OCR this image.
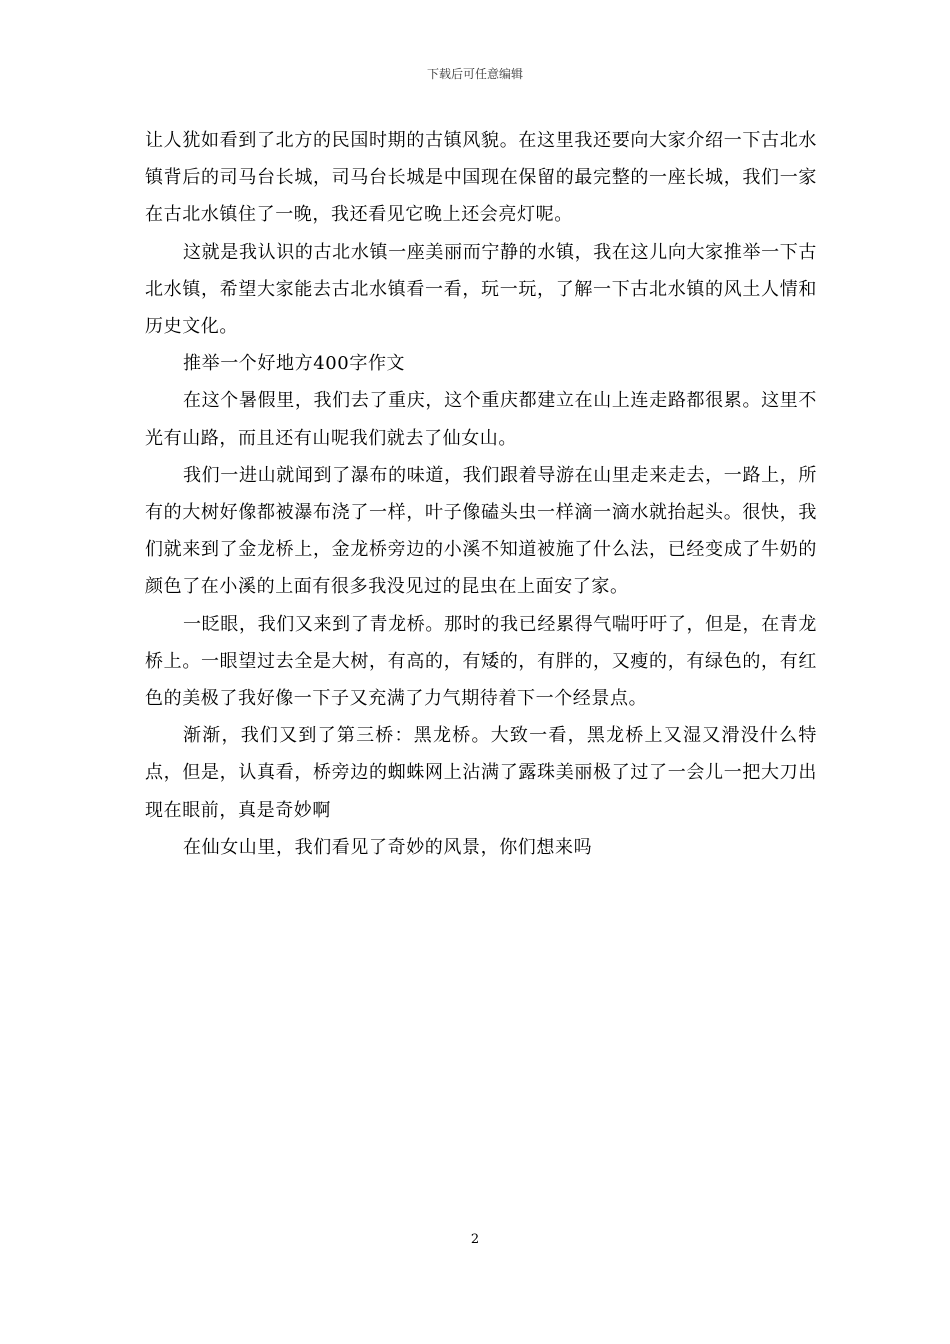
下载后可任意编辑

让人犹如看到了北方的民国时期的古镇风貌。在这里我还要向大家介绍一下古北水镇背后的司马台长城，司马台长城是中国现在保留的最完整的一座长城，我们一家在古北水镇住了一晚，我还看见它晚上还会亮灯呢。

这就是我认识的古北水镇一座美丽而宁静的水镇，我在这儿向大家推举一下古北水镇，希望大家能去古北水镇看一看，玩一玩，了解一下古北水镇的风土人情和历史文化。

推举一个好地方400字作文

在这个暑假里，我们去了重庆，这个重庆都建立在山上连走路都很累。这里不光有山路，而且还有山呢我们就去了仙女山。

我们一进山就闻到了瀑布的味道，我们跟着导游在山里走来走去，一路上，所有的大树好像都被瀑布浇了一样，叶子像磕头虫一样滴一滴水就抬起头。很快，我们就来到了金龙桥上，金龙桥旁边的小溪不知道被施了什么法，已经变成了牛奶的颜色了在小溪的上面有很多我没见过的昆虫在上面安了家。

一眨眼，我们又来到了青龙桥。那时的我已经累得气喘吁吁了，但是，在青龙桥上。一眼望过去全是大树，有高的，有矮的，有胖的，又瘦的，有绿色的，有红色的美极了我好像一下子又充满了力气期待着下一个经景点。

渐渐，我们又到了第三桥：黑龙桥。大致一看，黑龙桥上又湿又滑没什么特点，但是，认真看，桥旁边的蜘蛛网上沾满了露珠美丽极了过了一会儿一把大刀出现在眼前，真是奇妙啊

在仙女山里，我们看见了奇妙的风景，你们想来吗

2
